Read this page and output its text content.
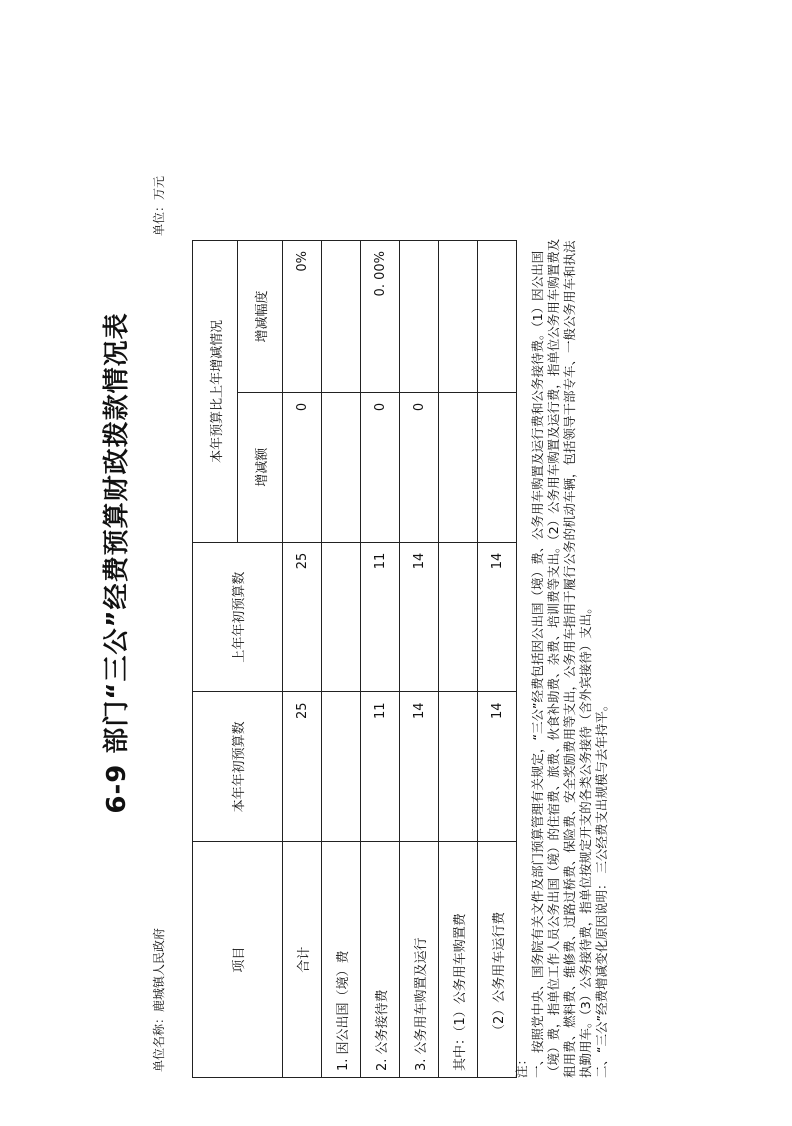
6-9 部门“三公”经费预算财政拨款情况表
单位名称：鹿城镇人民政府
单位：万元
项目	本年年初预算数	上年年初预算数	本年预算比上年增减情况	
			增减额	增减幅度
合计	25	25	0	0%
1. 因公出国（境）费				
2. 公务接待费	11	11	0	0. 00%
3. 公务用车购置及运行	14	14	0	
其中：（1）公务用车购置费				
（2）公务用车运行费	14	14		

注： 一、按照党中央、国务院有关文件及部门预算管理有关规定，“三公”经费包括因公出国（境）费、公务用车购置及运行费和公务接待费。（1）因公出国（境）费，指单位工作人员公务出国（境）的住宿费、旅费、伙食补助费、杂费、培训费等支出。（2）公务用车购置及运行费，指单位公务用车购置费及租用费、燃料费、维修费、过路过桥费、保险费、安全奖励费用等支出，公务用车指用于履行公务的机动车辆，包括领导干部专车、一般公务用车和执法执勤用车。（3）公务接待费，指单位按规定开支的各类公务接待（含外宾接待）支出。 二、“三公”经费增减变化原因说明： 三公经费支出规模与去年持平。
